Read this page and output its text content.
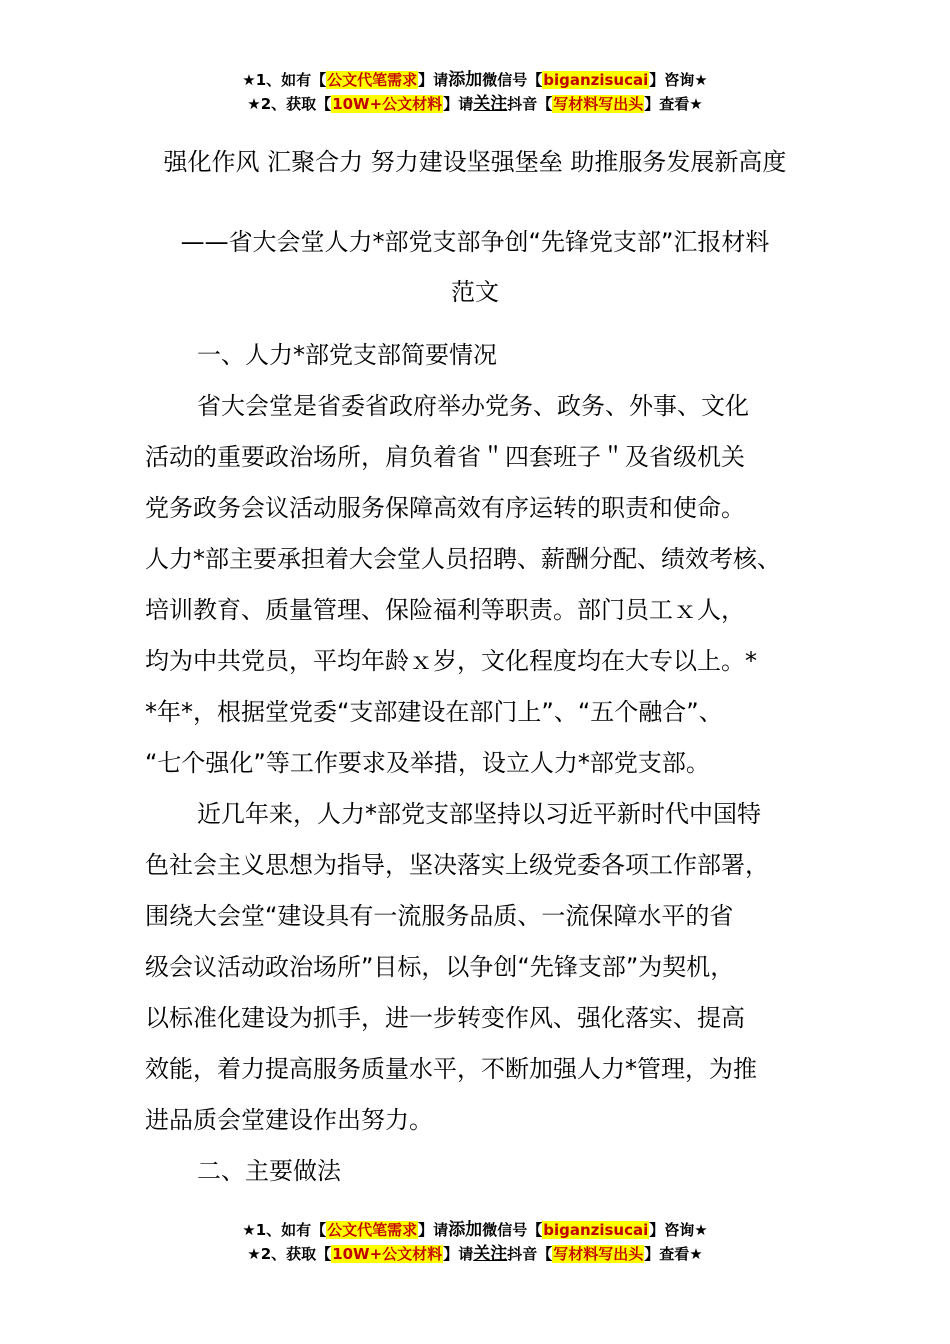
★1、如有【公文代笔需求】请添加微信号【biganzisucai】咨询★
★2、获取【10W+公文材料】请关注抖音【写材料写出头】查看★
强化作风 汇聚合力 努力建设坚强堡垒 助推服务发展新高度
——省大会堂人力*部党支部争创“先锋党支部”汇报材料
范文

一、人力*部党支部简要情况

省大会堂是省委省政府举办党务、政务、外事、文化

活动的重要政治场所，肩负着省＂四套班子＂及省级机关

党务政务会议活动服务保障高效有序运转的职责和使命。

人力*部主要承担着大会堂人员招聘、薪酬分配、绩效考核、

培训教育、质量管理、保险福利等职责。部门员工ｘ人，

均为中共党员，平均年龄ｘ岁，文化程度均在大专以上。*

*年*，根据堂党委“支部建设在部门上”、“五个融合”、

“七个强化”等工作要求及举措，设立人力*部党支部。

近几年来，人力*部党支部坚持以习近平新时代中国特

色社会主义思想为指导，坚决落实上级党委各项工作部署，

围绕大会堂“建设具有一流服务品质、一流保障水平的省

级会议活动政治场所”目标，以争创“先锋支部”为契机，

以标准化建设为抓手，进一步转变作风、强化落实、提高

效能，着力提高服务质量水平，不断加强人力*管理，为推

进品质会堂建设作出努力。

二、主要做法

★1、如有【公文代笔需求】请添加微信号【biganzisucai】咨询★
★2、获取【10W+公文材料】请关注抖音【写材料写出头】查看★
